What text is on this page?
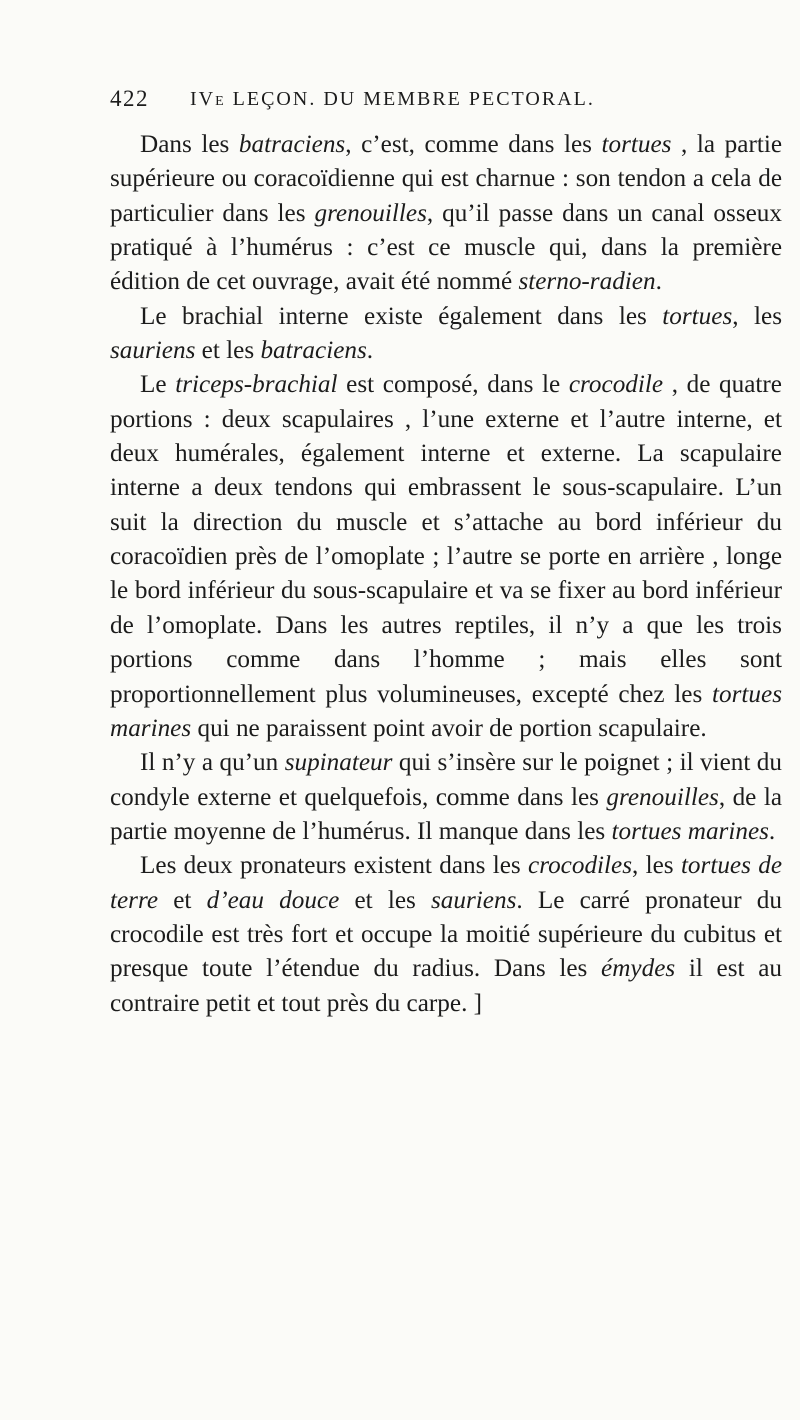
422 IVe LEÇON. DU MEMBRE PECTORAL.

Dans les batraciens, c’est, comme dans les tortues , la partie supérieure ou coracoïdienne qui est charnue : son tendon a cela de particulier dans les grenouilles, qu’il passe dans un canal osseux pratiqué à l’humérus : c’est ce muscle qui, dans la première édition de cet ouvrage, avait été nommé sterno-radien.

Le brachial interne existe également dans les tortues, les sauriens et les batraciens.

Le triceps-brachial est composé, dans le crocodile , de quatre portions : deux scapulaires , l’une externe et l’autre interne, et deux humérales, également interne et externe. La scapulaire interne a deux tendons qui embrassent le sous-scapulaire. L’un suit la direction du muscle et s’attache au bord inférieur du coracoïdien près de l’omoplate ; l’autre se porte en arrière , longe le bord inférieur du sous-scapulaire et va se fixer au bord inférieur de l’omoplate. Dans les autres reptiles, il n’y a que les trois portions comme dans l’homme ; mais elles sont proportionnellement plus volumineuses, excepté chez les tortues marines qui ne paraissent point avoir de portion scapulaire.

Il n’y a qu’un supinateur qui s’insère sur le poignet ; il vient du condyle externe et quelquefois, comme dans les grenouilles, de la partie moyenne de l’humérus. Il manque dans les tortues marines.

Les deux pronateurs existent dans les crocodiles, les tortues de terre et d’eau douce et les sauriens. Le carré pronateur du crocodile est très fort et occupe la moitié supérieure du cubitus et presque toute l’étendue du radius. Dans les émydes il est au contraire petit et tout près du carpe. ]
